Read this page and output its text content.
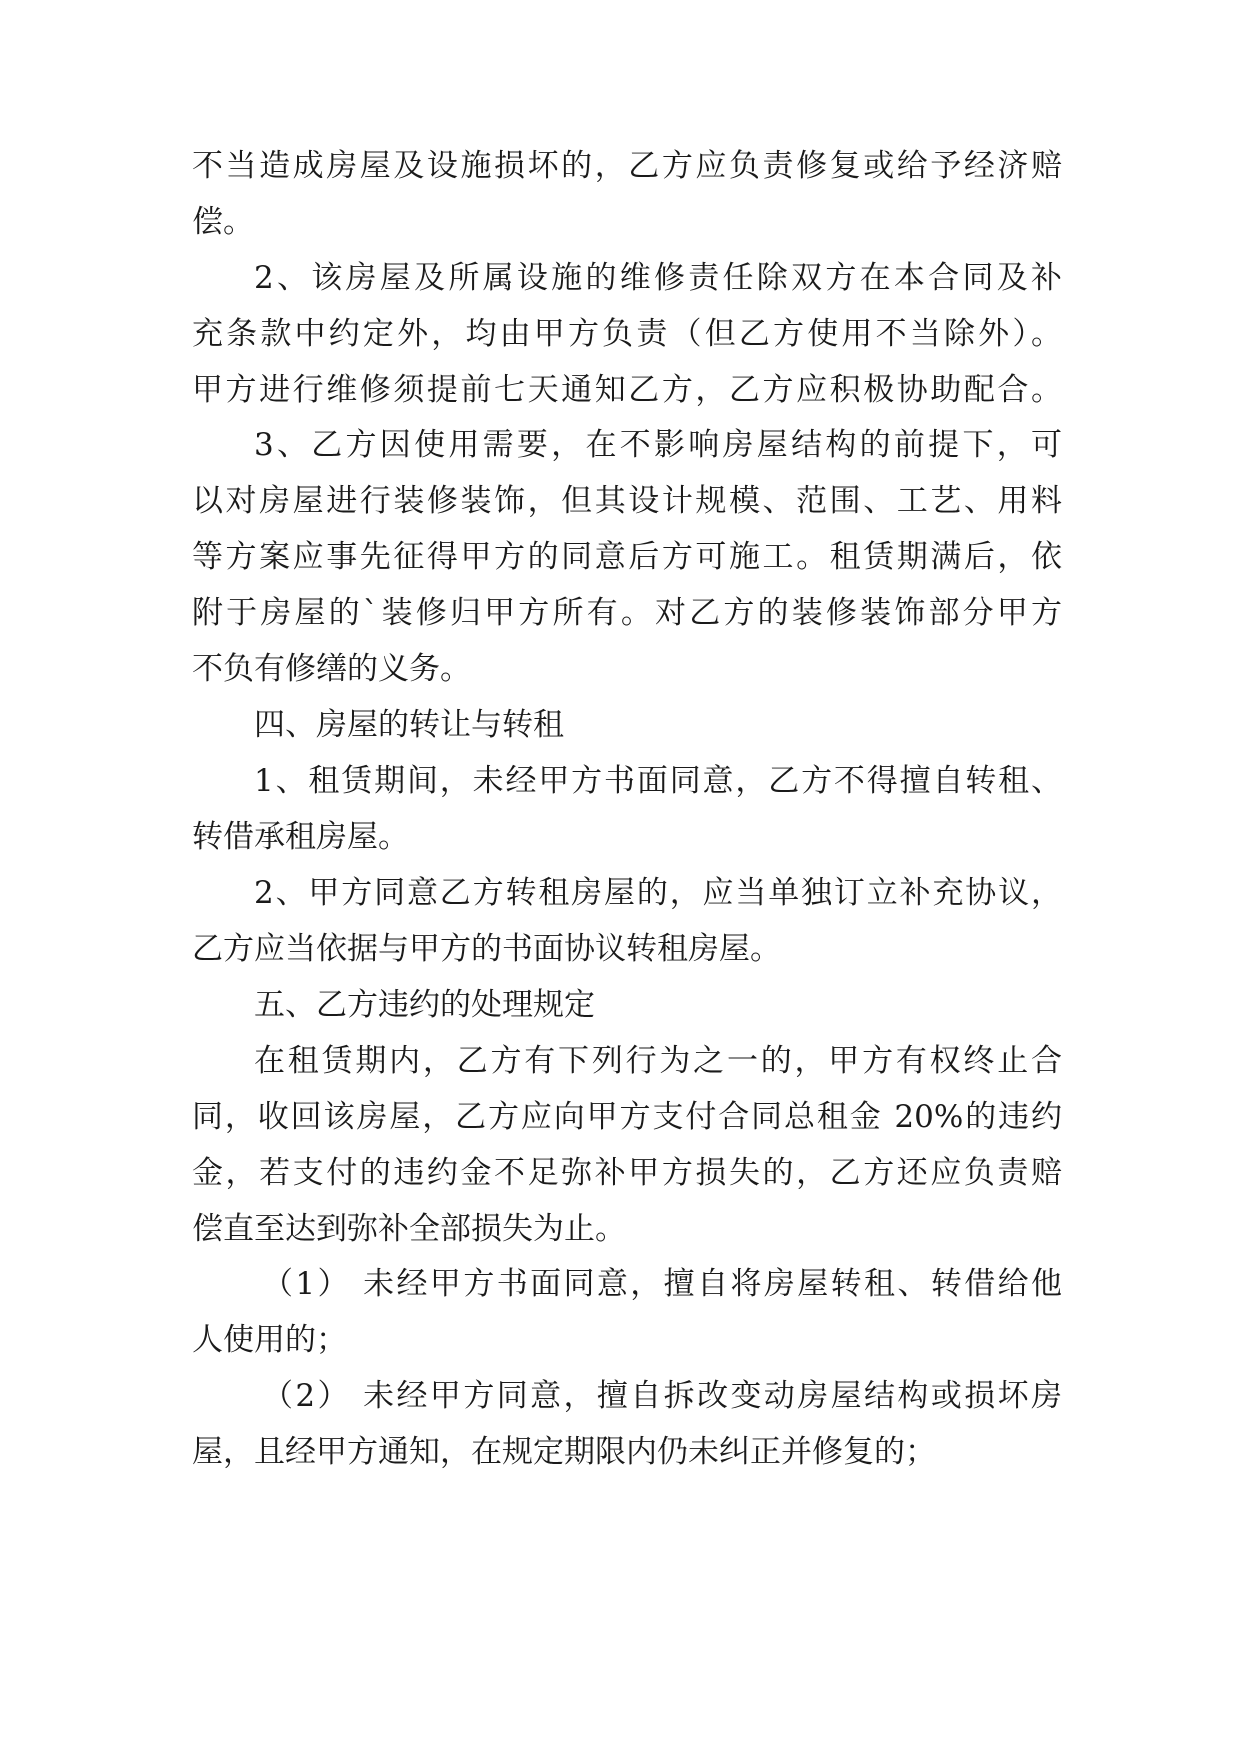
不当造成房屋及设施损坏的，乙方应负责修复或给予经济赔
偿。
2、该房屋及所属设施的维修责任除双方在本合同及补
充条款中约定外，均由甲方负责（但乙方使用不当除外）。
甲方进行维修须提前七天通知乙方，乙方应积极协助配合。
3、乙方因使用需要，在不影响房屋结构的前提下，可
以对房屋进行装修装饰，但其设计规模、范围、工艺、用料
等方案应事先征得甲方的同意后方可施工。租赁期满后，依
附于房屋的`装修归甲方所有。对乙方的装修装饰部分甲方
不负有修缮的义务。
四、房屋的转让与转租
1、租赁期间，未经甲方书面同意，乙方不得擅自转租、
转借承租房屋。
2、甲方同意乙方转租房屋的，应当单独订立补充协议，
乙方应当依据与甲方的书面协议转租房屋。
五、乙方违约的处理规定
在租赁期内，乙方有下列行为之一的，甲方有权终止合
同，收回该房屋，乙方应向甲方支付合同总租金 20%的违约
金，若支付的违约金不足弥补甲方损失的，乙方还应负责赔
偿直至达到弥补全部损失为止。
（1） 未经甲方书面同意，擅自将房屋转租、转借给他
人使用的；
（2） 未经甲方同意，擅自拆改变动房屋结构或损坏房
屋，且经甲方通知，在规定期限内仍未纠正并修复的；
